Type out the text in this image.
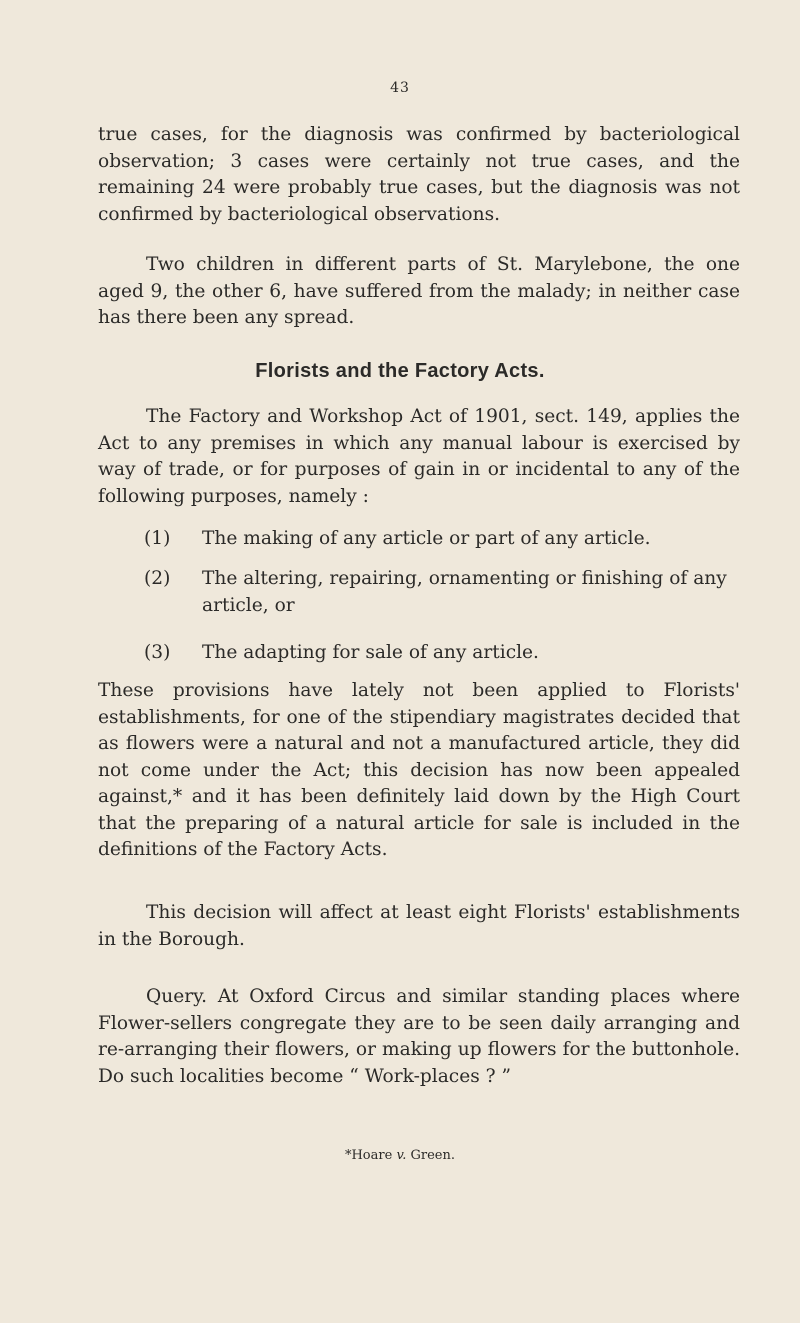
43

true cases, for the diagnosis was confirmed by bacteriological observation; 3 cases were certainly not true cases, and the remaining 24 were probably true cases, but the diagnosis was not confirmed by bacteriological observations.

Two children in different parts of St. Marylebone, the one aged 9, the other 6, have suffered from the malady; in neither case has there been any spread.

Florists and the Factory Acts.

The Factory and Workshop Act of 1901, sect. 149, applies the Act to any premises in which any manual labour is exercised by way of trade, or for purposes of gain in or incidental to any of the following purposes, namely :

(1) The making of any article or part of any article.
(2) The altering, repairing, ornamenting or finishing of any article, or
(3) The adapting for sale of any article.

These provisions have lately not been applied to Florists' establishments, for one of the stipendiary magistrates decided that as flowers were a natural and not a manufactured article, they did not come under the Act; this decision has now been appealed against,* and it has been definitely laid down by the High Court that the preparing of a natural article for sale is included in the definitions of the Factory Acts.

This decision will affect at least eight Florists' establishments in the Borough.

Query. At Oxford Circus and similar standing places where Flower-sellers congregate they are to be seen daily arranging and re-arranging their flowers, or making up flowers for the buttonhole. Do such localities become “ Work-places ? ”

*Hoare v. Green.
